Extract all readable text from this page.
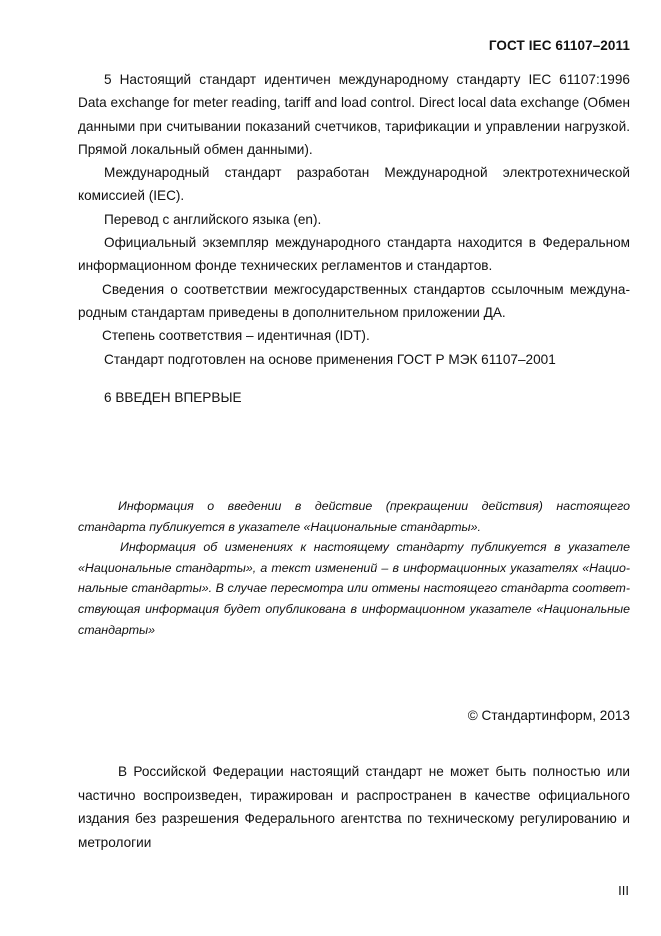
ГОСТ IEC 61107–2011

5 Настоящий стандарт идентичен международному стандарту IEC 61107:1996 Data exchange for meter reading, tariff and load control. Direct local data exchange (Обмен данными при считывании показаний счетчиков, тарификации и управлении нагрузкой. Прямой локальный обмен данными).

Международный стандарт разработан Международной электротехнической комиссией (IEC).

Перевод с английского языка (en).

Официальный экземпляр международного стандарта находится в Федеральном информационном фонде технических регламентов и стандартов.

Сведения о соответствии межгосударственных стандартов ссылочным международным стандартам приведены в дополнительном приложении ДА.

Степень соответствия – идентичная (IDT).

Стандарт подготовлен на основе применения ГОСТ Р МЭК 61107–2001

6 ВВЕДЕН ВПЕРВЫЕ

Информация о введении в действие (прекращении действия) настоящего стандарта публикуется в указателе «Национальные стандарты».

Информация об изменениях к настоящему стандарту публикуется в указателе «Национальные стандарты», а текст изменений – в информационных указателях «Национальные стандарты». В случае пересмотра или отмены настоящего стандарта соответствующая информация будет опубликована в информационном указателе «Национальные стандарты»

© Стандартинформ, 2013

В Российской Федерации настоящий стандарт не может быть полностью или частично воспроизведен, тиражирован и распространен в качестве официального издания без разрешения Федерального агентства по техническому регулированию и метрологии

III
